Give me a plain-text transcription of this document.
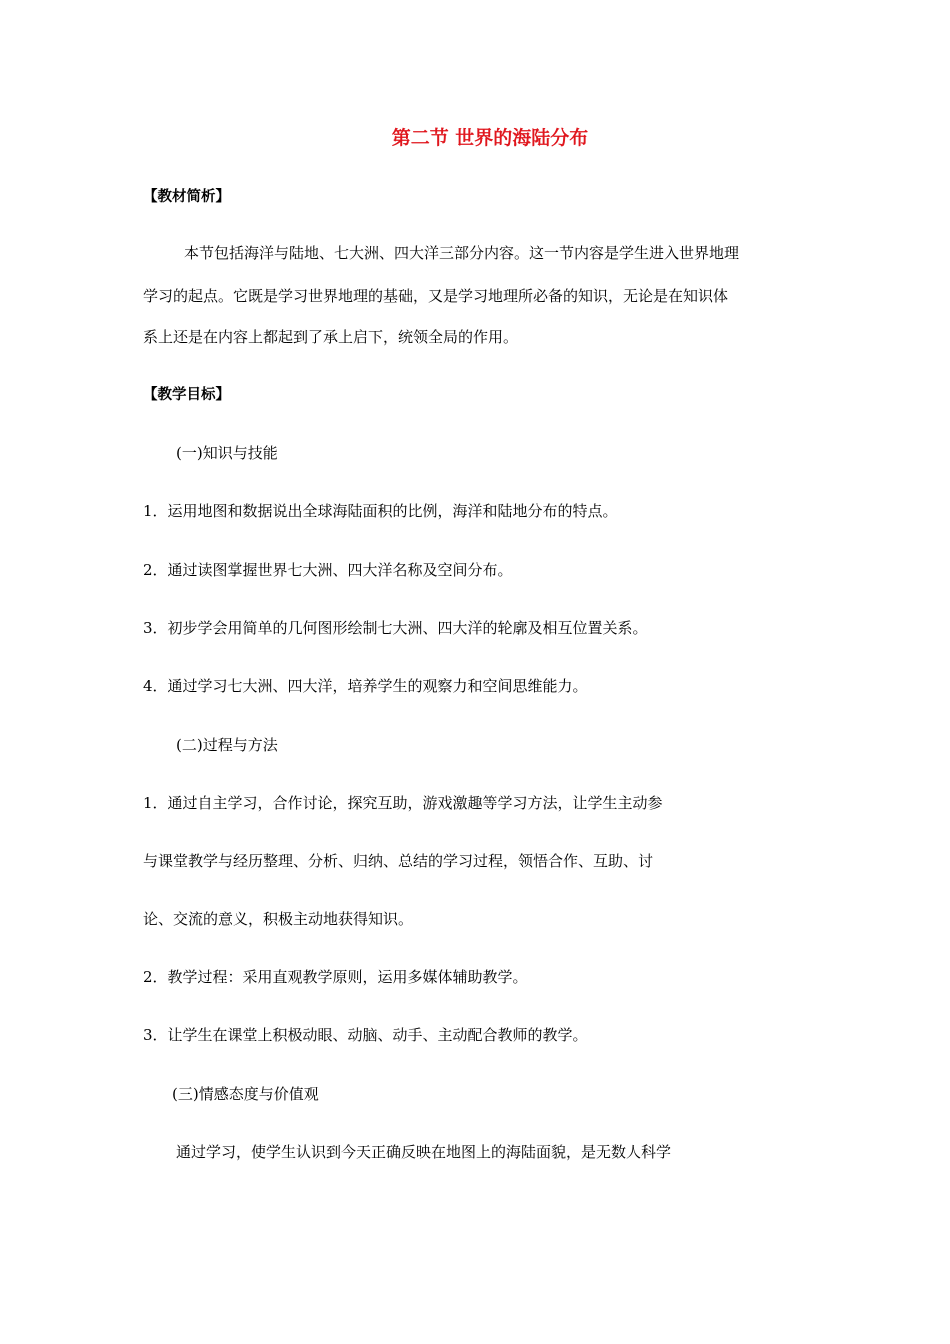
第二节 世界的海陆分布
【教材简析】
本节包括海洋与陆地、七大洲、四大洋三部分内容。这一节内容是学生进入世界地理
学习的起点。它既是学习世界地理的基础，又是学习地理所必备的知识，无论是在知识体
系上还是在内容上都起到了承上启下，统领全局的作用。
【教学目标】
(一)知识与技能
1．运用地图和数据说出全球海陆面积的比例，海洋和陆地分布的特点。
2．通过读图掌握世界七大洲、四大洋名称及空间分布。
3．初步学会用简单的几何图形绘制七大洲、四大洋的轮廓及相互位置关系。
4．通过学习七大洲、四大洋，培养学生的观察力和空间思维能力。
(二)过程与方法
1．通过自主学习，合作讨论，探究互助，游戏激趣等学习方法，让学生主动参
与课堂教学与经历整理、分析、归纳、总结的学习过程，领悟合作、互助、讨
论、交流的意义，积极主动地获得知识。
2．教学过程：采用直观教学原则，运用多媒体辅助教学。
3．让学生在课堂上积极动眼、动脑、动手、主动配合教师的教学。
(三)情感态度与价值观
通过学习，使学生认识到今天正确反映在地图上的海陆面貌，是无数人科学
